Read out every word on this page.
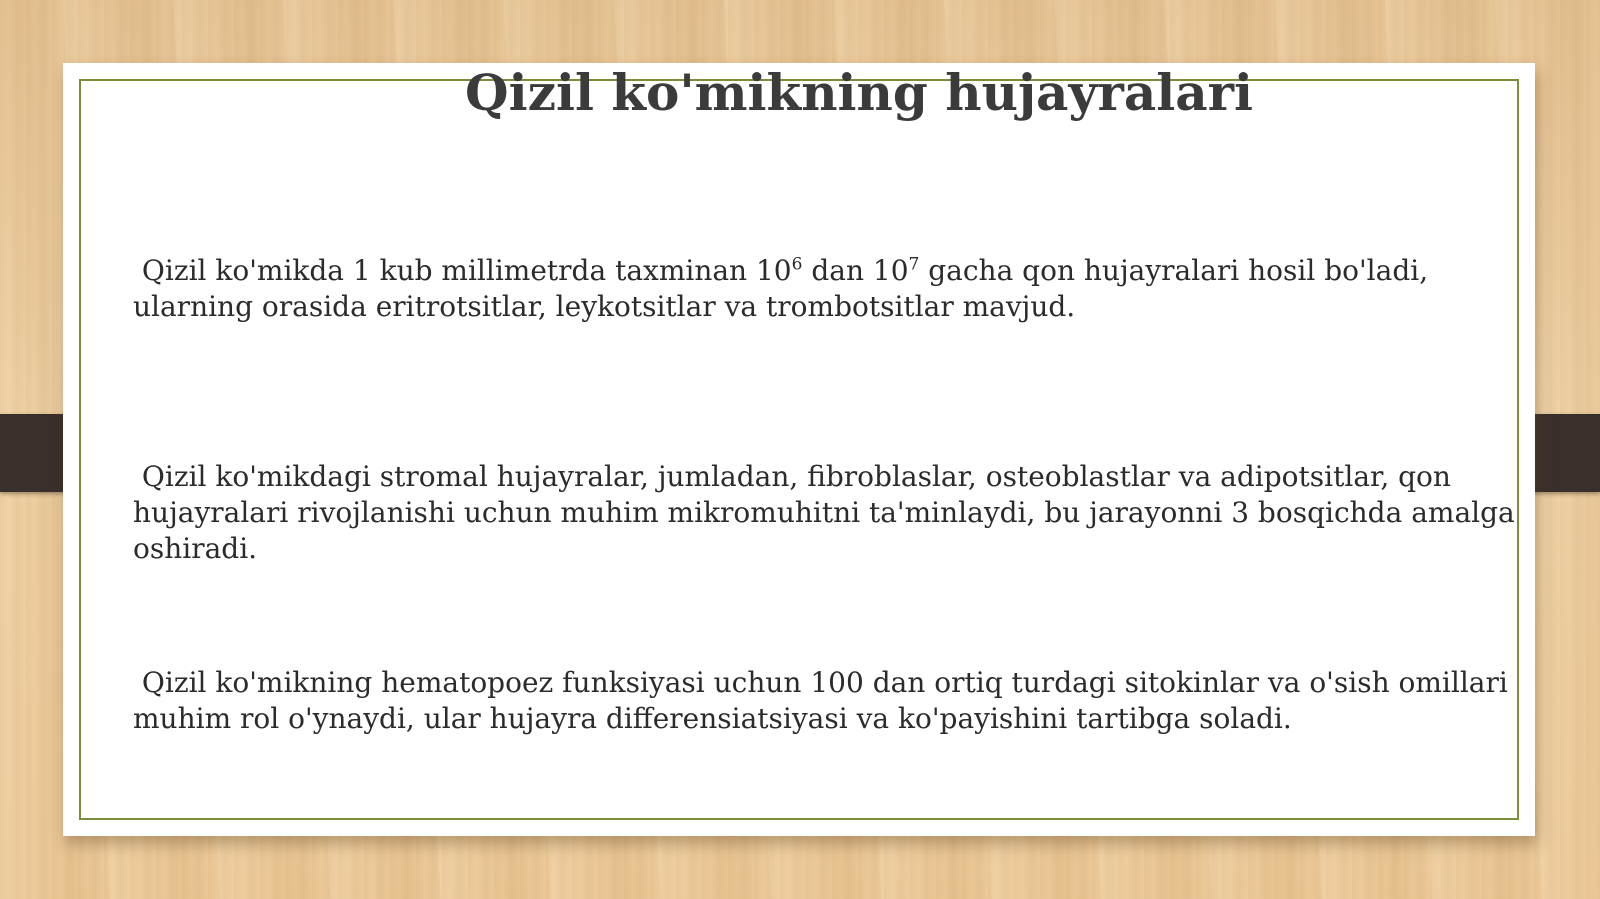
Qizil ko'mikning hujayralari
Qizil ko'mikda 1 kub millimetrda taxminan $10^6$ dan $10^7$ gacha qon hujayralari hosil bo'ladi, ularning orasida eritrotsitlar, leykotsitlar va trombotsitlar mavjud.
Qizil ko'mikdagi stromal hujayralar, jumladan, fibroblaslar, osteoblastlar va adipotsitlar, qon hujayralari rivojlanishi uchun muhim mikromuhitni ta'minlaydi, bu jarayonni 3 bosqichda amalga oshiradi.
Qizil ko'mikning hematopoez funksiyasi uchun 100 dan ortiq turdagi sitokinlar va o'sish omillari muhim rol o'ynaydi, ular hujayra differensiatsiyasi va ko'payishini tartibga soladi.
